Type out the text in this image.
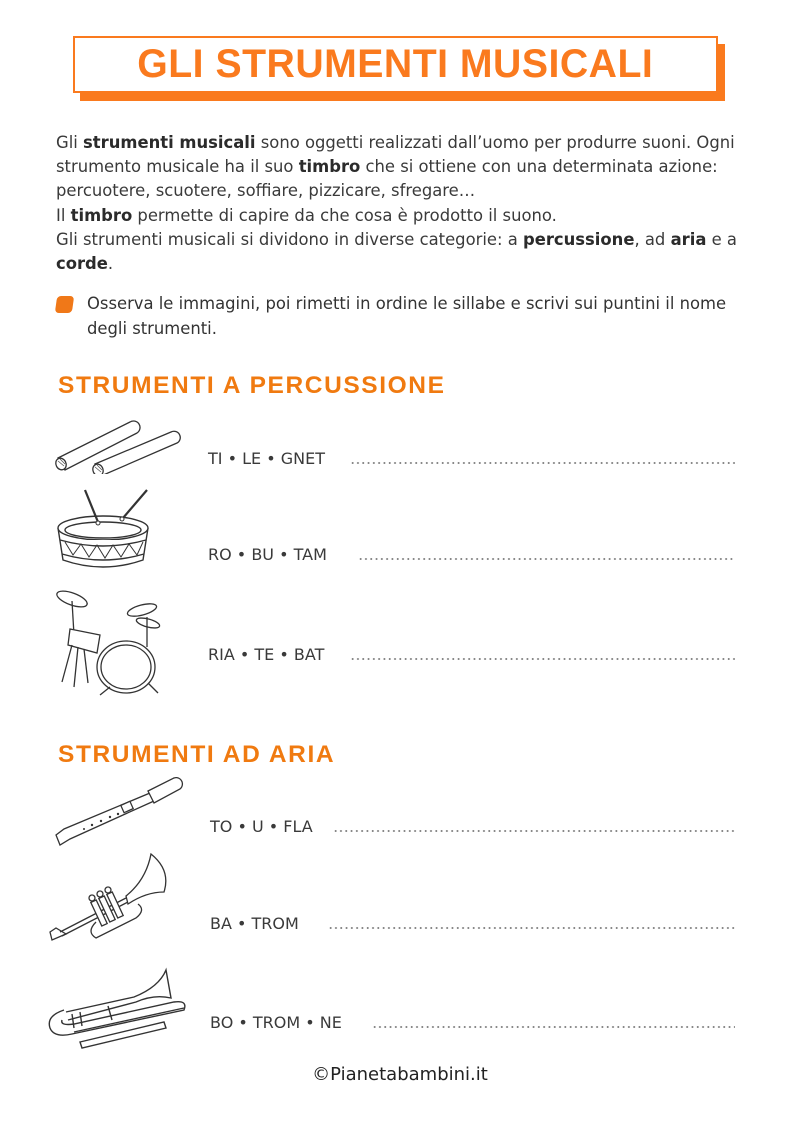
GLI STRUMENTI MUSICALI
Gli strumenti musicali sono oggetti realizzati dall’uomo per produrre suoni. Ogni strumento musicale ha il suo timbro che si ottiene con una determinata azione: percuotere, scuotere, soffiare, pizzicare, sfregare…
Il timbro permette di capire da che cosa è prodotto il suono.
Gli strumenti musicali si dividono in diverse categorie: a percussione, ad aria e a corde.
Osserva le immagini, poi rimetti in ordine le sillabe e scrivi sui puntini il nome degli strumenti.
STRUMENTI A PERCUSSIONE
TI • LE • GNET
RO • BU • TAM
RIA • TE • BAT
STRUMENTI AD ARIA
TO • U • FLA
BA • TROM
BO • TROM • NE
©Pianetabambini.it
